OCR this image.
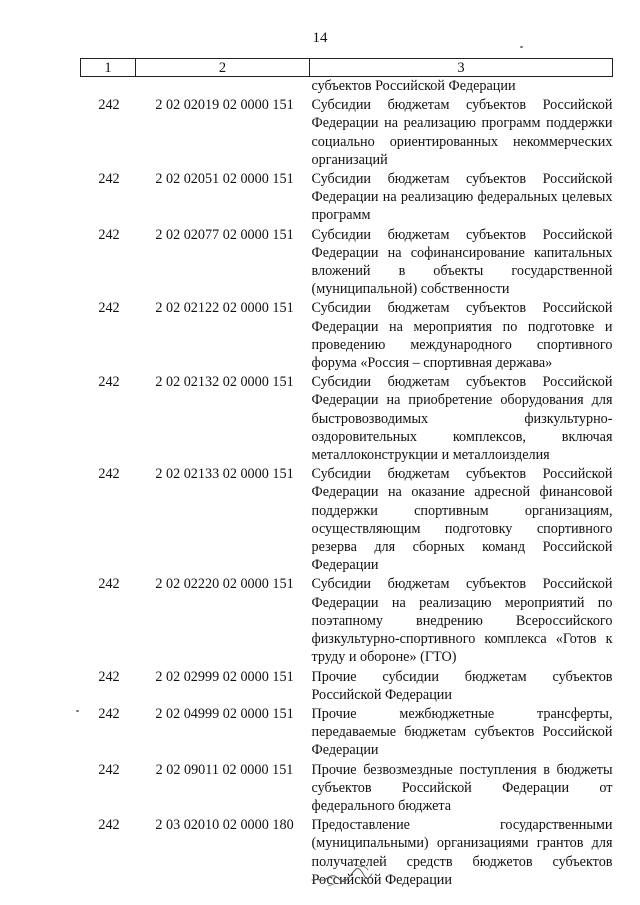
14
1	2	3
		субъектов Российской Федерации
242	2 02 02019 02 0000 151	Субсидии бюджетам субъектов Российской Федерации на реализацию программ поддержки социально ориентированных некоммерческих организаций
242	2 02 02051 02 0000 151	Субсидии бюджетам субъектов Российской Федерации на реализацию федеральных целевых программ
242	2 02 02077 02 0000 151	Субсидии бюджетам субъектов Российской Федерации на софинансирование капитальных вложений в объекты государственной (муниципальной) собственности
242	2 02 02122 02 0000 151	Субсидии бюджетам субъектов Российской Федерации на мероприятия по подготовке и проведению международного спортивного форума «Россия – спортивная держава»
242	2 02 02132 02 0000 151	Субсидии бюджетам субъектов Российской Федерации на приобретение оборудования для быстровозводимых физкультурно-оздоровительных комплексов, включая металлоконструкции и металлоизделия
242	2 02 02133 02 0000 151	Субсидии бюджетам субъектов Российской Федерации на оказание адресной финансовой поддержки спортивным организациям, осуществляющим подготовку спортивного резерва для сборных команд Российской Федерации
242	2 02 02220 02 0000 151	Субсидии бюджетам субъектов Российской Федерации на реализацию мероприятий по поэтапному внедрению Всероссийского физкультурно-спортивного комплекса «Готов к труду и обороне» (ГТО)
242	2 02 02999 02 0000 151	Прочие субсидии бюджетам субъектов Российской Федерации
242	2 02 04999 02 0000 151	Прочие межбюджетные трансферты, передаваемые бюджетам субъектов Российской Федерации
242	2 02 09011 02 0000 151	Прочие безвозмездные поступления в бюджеты субъектов Российской Федерации от федерального бюджета
242	2 03 02010 02 0000 180	Предоставление государственными (муниципальными) организациями грантов для получателей средств бюджетов субъектов Российской Федерации
